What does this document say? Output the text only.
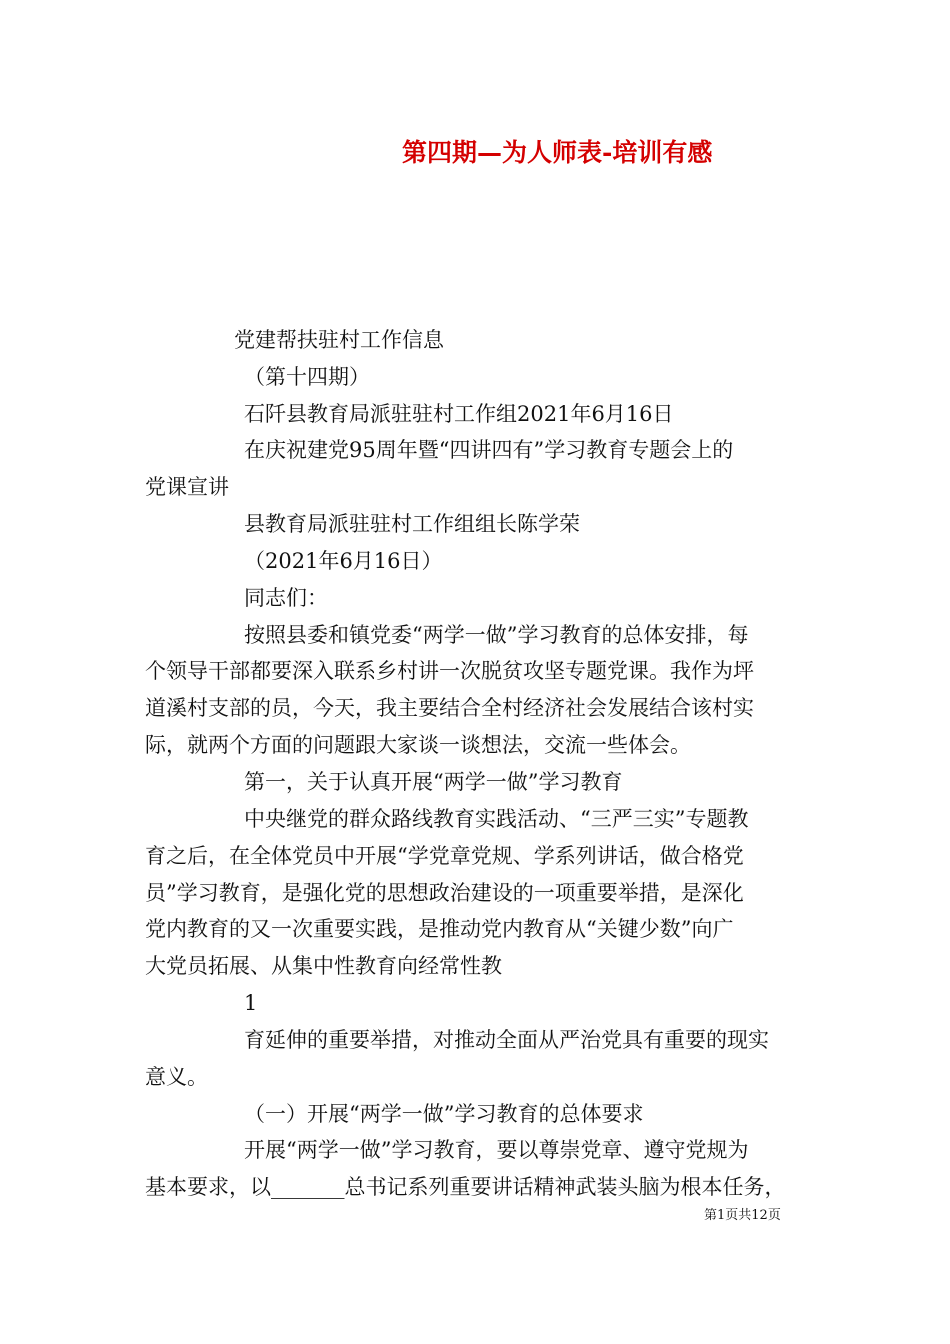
第四期—为人师表-培训有感
党建帮扶驻村工作信息
（第十四期）
石阡县教育局派驻驻村工作组2021年6月16日
在庆祝建党95周年暨“四讲四有”学习教育专题会上的
党课宣讲
县教育局派驻驻村工作组组长陈学荣
（2021年6月16日）
同志们：
按照县委和镇党委“两学一做”学习教育的总体安排，每
个领导干部都要深入联系乡村讲一次脱贫攻坚专题党课。我作为坪
道溪村支部的员，今天，我主要结合全村经济社会发展结合该村实
际，就两个方面的问题跟大家谈一谈想法，交流一些体会。
第一，关于认真开展“两学一做”学习教育
中央继党的群众路线教育实践活动、“三严三实”专题教
育之后，在全体党员中开展“学党章党规、学系列讲话，做合格党
员”学习教育，是强化党的思想政治建设的一项重要举措，是深化
党内教育的又一次重要实践，是推动党内教育从“关键少数”向广
大党员拓展、从集中性教育向经常性教
1
育延伸的重要举措，对推动全面从严治党具有重要的现实
意义。
（一）开展“两学一做”学习教育的总体要求
开展“两学一做”学习教育，要以尊崇党章、遵守党规为
基本要求，以_______总书记系列重要讲话精神武装头脑为根本任务，
第1页共12页
